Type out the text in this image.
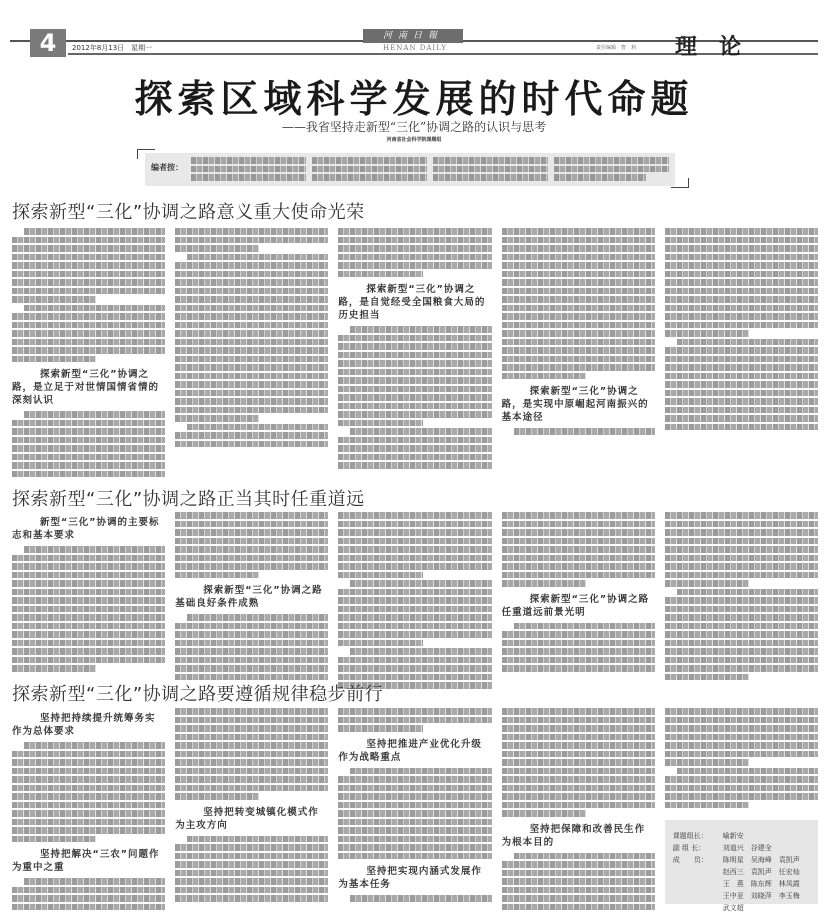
4	2012年8月13日　星期一
河南日報
HENAN DAILY	责任编辑　智　莉 理论
探索区域科学发展的时代命题
——我省坚持走新型“三化”协调之路的认识与思考
河南省社会科学院课题组
编者按：
探索新型“三化”协调之路意义重大使命光荣
探索新型“三化”协调之路，是立足于对世情国情省情的深刻认识
探索新型“三化”协调之路，是自觉经受全国粮食大局的历史担当
探索新型“三化”协调之路，是实现中原崛起河南振兴的基本途径
探索新型“三化”协调之路正当其时任重道远
新型“三化”协调的主要标志和基本要求
探索新型“三化”协调之路基础良好条件成熟	探索新型“三化”协调之路任重道远前景光明
探索新型“三化”协调之路要遵循规律稳步前行
坚持把持续提升统筹务实作为总体要求
坚持把解决“三农”问题作为重中之重
坚持把转变城镇化模式作为主攻方向
坚持把推进产业优化升级作为战略重点
坚持把实现内涵式发展作为基本任务
坚持把保障和改善民生作为根本目的
课题组长：	喻新安
副 组 长：	刘道兴　谷建全
成　　员：	陈明星　吴海峰　袁凯声
赵西三　袁凯声　任宏灿
王　燕　陈东辉　林凤霞
王中亚　刘晓萍　李玉梅
武文超
